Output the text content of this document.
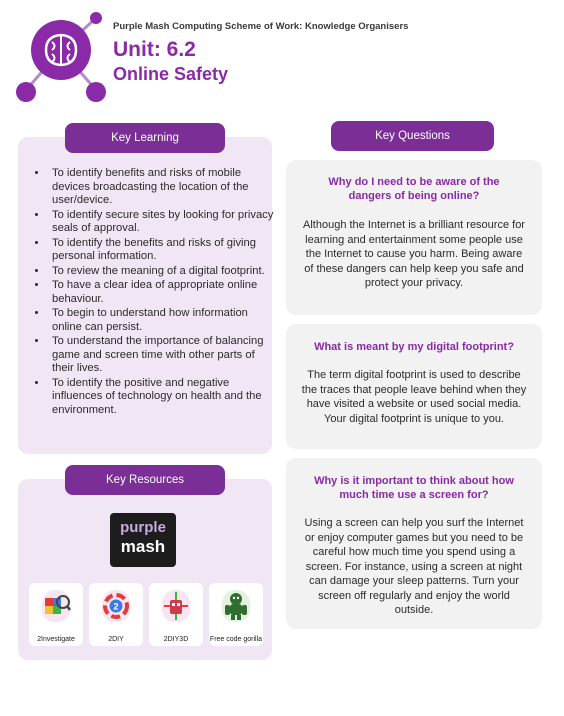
Purple Mash Computing Scheme of Work: Knowledge Organisers
Unit: 6.2
Online Safety
Key Learning
• To identify benefits and risks of mobile devices broadcasting the location of the user/device.
• To identify secure sites by looking for privacy seals of approval.
• To identify the benefits and risks of giving personal information.
• To review the meaning of a digital footprint.
• To have a clear idea of appropriate online behaviour.
• To begin to understand how information online can persist.
• To understand the importance of balancing game and screen time with other parts of their lives.
• To identify the positive and negative influences of technology on health and the environment.
Key Resources
purple
mash
2Investigate
2
2DIY	2DIY3D	Free code gorilla
Key Questions
Why do I need to be aware of the dangers of being online?
Although the Internet is a brilliant resource for learning and entertainment some people use the Internet to cause you harm. Being aware of these dangers can help keep you safe and protect your privacy.
What is meant by my digital footprint?
The term digital footprint is used to describe the traces that people leave behind when they have visited a website or used social media. Your digital footprint is unique to you.
Why is it important to think about how much time use a screen for?
Using a screen can help you surf the Internet or enjoy computer games but you need to be careful how much time you spend using a screen. For instance, using a screen at night can damage your sleep patterns. Turn your screen off regularly and enjoy the world outside.
